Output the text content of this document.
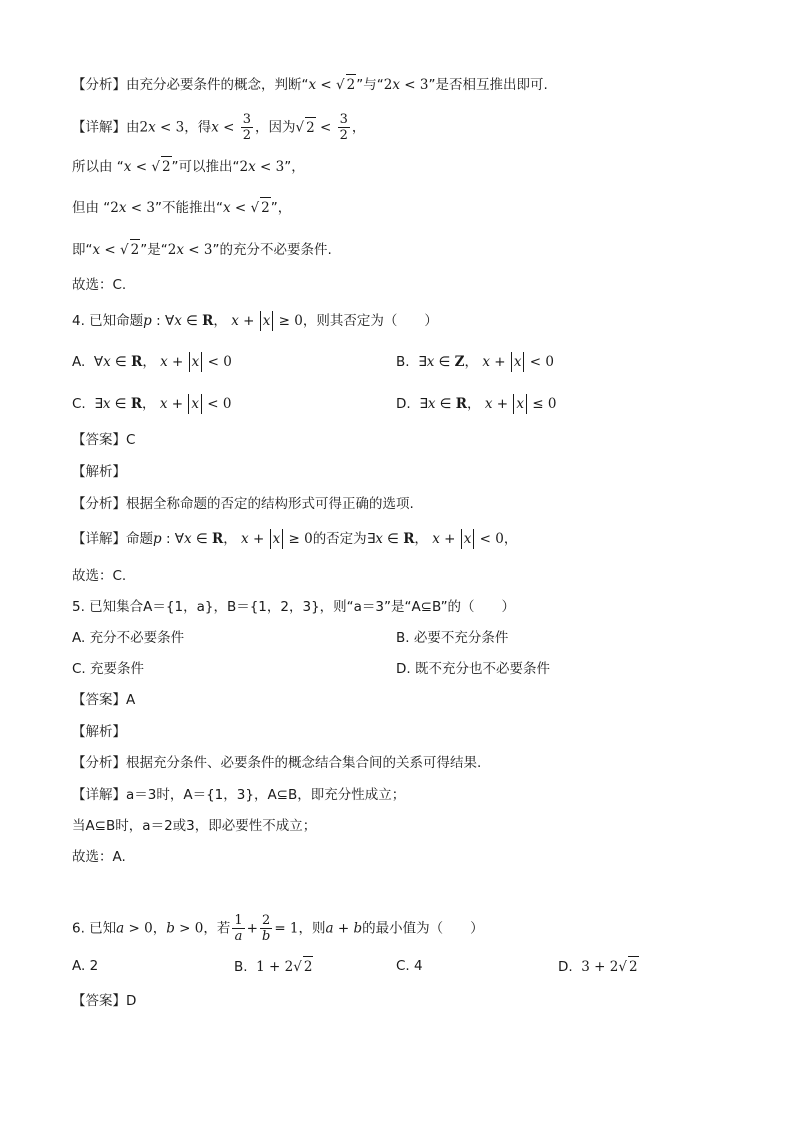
【分析】由充分必要条件的概念，判断“x < √ 2”与“2x < 3”是否相互推出即可.
【详解】由2x < 3，得$x < \frac{3}{2}$ ，因为√ $2 < \frac{3}{2}$ ，
所以由 “x < √ 2”可以推出“2x < 3”，
但由 “2x < 3”不能推出“x < √ 2”，
即“x < √ 2”是“2x < 3”的充分不必要条件.
故选：C.
4. 已知命题p : ∀x ∈ R， x + x ≥ 0，则其否定为（　　）
A.  ∀x ∈ R， x + x < 0	B.  ∃x ∈ Z， x + x < 0
C.  ∃x ∈ R， x + x < 0	D.  ∃x ∈ R， x + x ≤ 0
【答案】C
【解析】
【分析】根据全称命题的否定的结构形式可得正确的选项.
【详解】命题p : ∀x ∈ R， x + x ≥ 0的否定为∃x ∈ R， x + x < 0，
故选：C.
5. 已知集合A＝{1，a}，B＝{1，2，3}，则“a＝3”是“A⊆B”的（　　）
A. 充分不必要条件	B. 必要不充分条件
C. 充要条件	D. 既不充分也不必要条件
【答案】A
【解析】
【分析】根据充分条件、必要条件的概念结合集合间的关系可得结果.
【详解】a＝3时，A＝{1，3}，A⊆B，即充分性成立；
当A⊆B时，a＝2或3，即必要性不成立；
故选：A.
6. 已知a > 0，b > 0，若 $\frac{1}{a} + \frac{2}{b} = 1$，则a + b的最小值为（　　）
A. 2	B. 1 + 2√ 2	C. 4	D. 3 + 2√ 2
【答案】D
